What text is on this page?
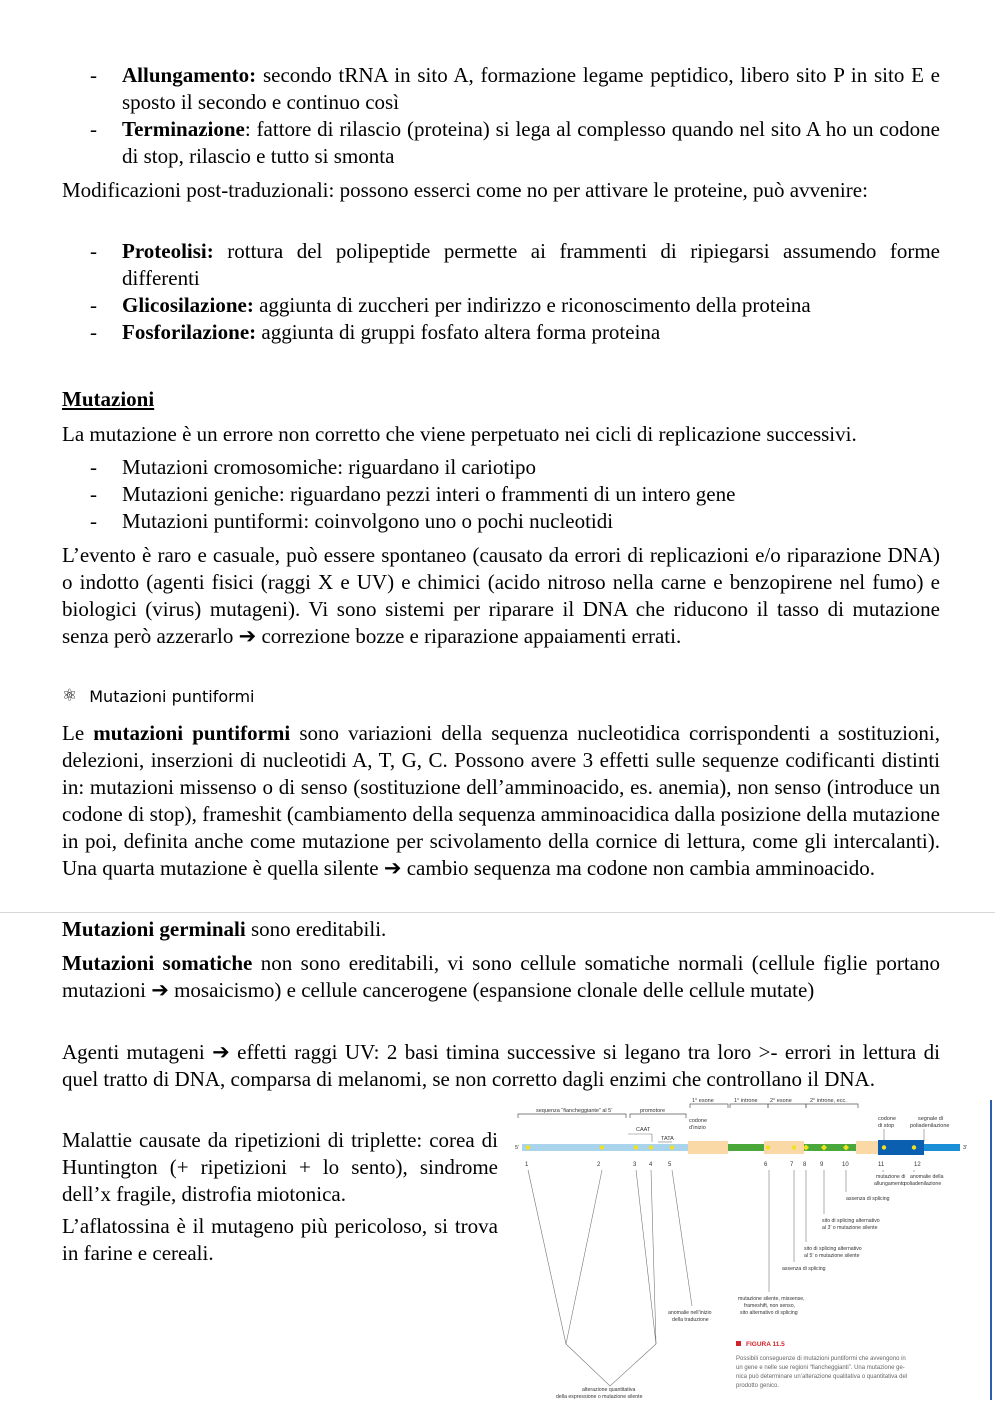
- Allungamento: secondo tRNA in sito A, formazione legame peptidico, libero sito P in sito E e sposto il secondo e continuo così
- Terminazione: fattore di rilascio (proteina) si lega al complesso quando nel sito A ho un codone di stop, rilascio e tutto si smonta

Modificazioni post-traduzionali: possono esserci come no per attivare le proteine, può avvenire:

- Proteolisi: rottura del polipeptide permette ai frammenti di ripiegarsi assumendo forme differenti
- Glicosilazione: aggiunta di zuccheri per indirizzo e riconoscimento della proteina
- Fosforilazione: aggiunta di gruppi fosfato altera forma proteina
Mutazioni

La mutazione è un errore non corretto che viene perpetuato nei cicli di replicazione successivi.

- Mutazioni cromosomiche: riguardano il cariotipo
- Mutazioni geniche: riguardano pezzi interi o frammenti di un intero gene
- Mutazioni puntiformi: coinvolgono uno o pochi nucleotidi

L’evento è raro e casuale, può essere spontaneo (causato da errori di replicazioni e/o riparazione DNA) o indotto (agenti fisici (raggi X e UV) e chimici (acido nitroso nella carne e benzopirene nel fumo) e biologici (virus) mutageni). Vi sono sistemi per riparare il DNA che riducono il tasso di mutazione senza però azzerarlo ➔ correzione bozze e riparazione appaiamenti errati.

⚛ Mutazioni puntiformi

Le mutazioni puntiformi sono variazioni della sequenza nucleotidica corrispondenti a sostituzioni, delezioni, inserzioni di nucleotidi A, T, G, C. Possono avere 3 effetti sulle sequenze codificanti distinti in: mutazioni missenso o di senso (sostituzione dell’amminoacido, es. anemia), non senso (introduce un codone di stop), frameshit (cambiamento della sequenza amminoacidica dalla posizione della mutazione in poi, definita anche come mutazione per scivolamento della cornice di lettura, come gli intercalanti). Una quarta mutazione è quella silente ➔ cambio sequenza ma codone non cambia amminoacido.

Mutazioni germinali sono ereditabili.

Mutazioni somatiche non sono ereditabili, vi sono cellule somatiche normali (cellule figlie portano mutazioni ➔ mosaicismo) e cellule cancerogene (espansione clonale delle cellule mutate)

Agenti mutageni ➔ effetti raggi UV: 2 basi timina successive si legano tra loro >- errori in lettura di quel tratto di DNA, comparsa di melanomi, se non corretto dagli enzimi che controllano il DNA.

Malattie causate da ripetizioni di triplette: corea di Huntington (+ ripetizioni + lo sento), sindrome dell’x fragile, distrofia miotonica.

L’aflatossina è il mutageno più pericoloso, si trova in farine e cereali.

sequenza “fiancheggiante” al 5’	promotore
1° esone	1° introne 2° esone	2° introne, ecc.
codone
di stop
segnale di
poliadenilazione
CAAT
TATA
codone
d’inizio
5’	3’
1	2	3 4	5	6	7 8 9	10	11	12
mutazione di
allungamento
anomalie della
poliadenilazione
assenza di splicing
sito di splicing alternativo
al 3’ o mutazione silente
sito di splicing alternativo
al 5’ o mutazione silente
assenza di splicing
mutazione silente, missense,
frameshift, non senso,
sito alternativo di splicing
anomalie nell’inizio
della traduzione
alterazione quantitativa
della espressione o mutazione silente
FIGURA 11.5
Possibili conseguenze di mutazioni puntiformi che avvengono in
un gene e nelle sue regioni “fiancheggianti”. Una mutazione ge-
nica può determinare un’alterazione qualitativa o quantitativa del
prodotto genico.
